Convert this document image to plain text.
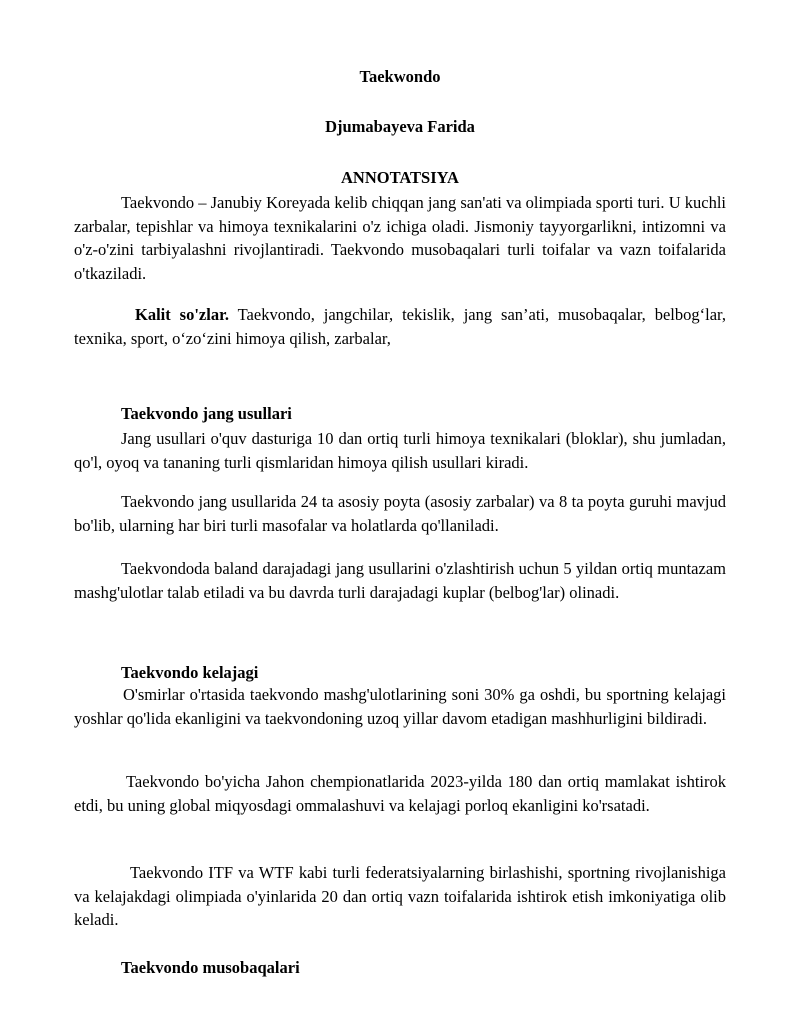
Taekwondo
Djumabayeva Farida
ANNOTATSIYA

Taekvondo – Janubiy Koreyada kelib chiqqan jang san'ati va olimpiada sporti turi. U kuchli zarbalar, tepishlar va himoya texnikalarini o'z ichiga oladi. Jismoniy tayyorgarlikni, intizomni va o'z-o'zini tarbiyalashni rivojlantiradi. Taekvondo musobaqalari turli toifalar va vazn toifalarida o'tkaziladi.

Kalit so'zlar. Taekvondo, jangchilar, tekislik, jang san’ati, musobaqalar, belbog‘lar, texnika, sport, o‘zo‘zini himoya qilish, zarbalar,

Taekvondo jang usullari

Jang usullari o'quv dasturiga 10 dan ortiq turli himoya texnikalari (bloklar), shu jumladan, qo'l, oyoq va tananing turli qismlaridan himoya qilish usullari kiradi.

Taekvondo jang usullarida 24 ta asosiy poyta (asosiy zarbalar) va 8 ta poyta guruhi mavjud bo'lib, ularning har biri turli masofalar va holatlarda qo'llaniladi.

Taekvondoda baland darajadagi jang usullarini o'zlashtirish uchun 5 yildan ortiq muntazam mashg'ulotlar talab etiladi va bu davrda turli darajadagi kuplar (belbog'lar) olinadi.

Taekvondo kelajagi

O'smirlar o'rtasida taekvondo mashg'ulotlarining soni 30% ga oshdi, bu sportning kelajagi yoshlar qo'lida ekanligini va taekvondoning uzoq yillar davom etadigan mashhurligini bildiradi.

Taekvondo bo'yicha Jahon chempionatlarida 2023-yilda 180 dan ortiq mamlakat ishtirok etdi, bu uning global miqyosdagi ommalashuvi va kelajagi porloq ekanligini ko'rsatadi.

Taekvondo ITF va WTF kabi turli federatsiyalarning birlashishi, sportning rivojlanishiga va kelajakdagi olimpiada o'yinlarida 20 dan ortiq vazn toifalarida ishtirok etish imkoniyatiga olib keladi.

Taekvondo musobaqalari
